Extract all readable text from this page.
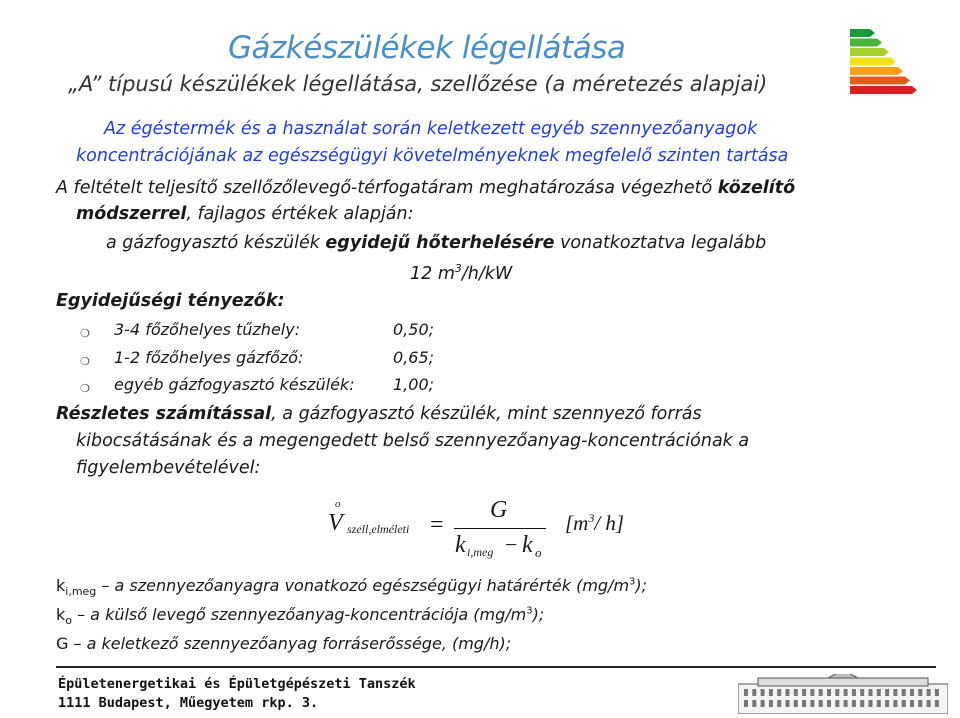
Gázkészülékek légellátása
„A” típusú készülékek légellátása, szellőzése (a méretezés alapjai)
Az égéstermék és a használat során keletkezett egyéb szennyezőanyagok
koncentrációjának az egészségügyi követelményeknek megfelelő szinten tartása
A feltételt teljesítő szellőzőlevegő-térfogatáram meghatározása végezhető közelítő
módszerrel, fajlagos értékek alapján:
a gázfogyasztó készülék egyidejű hőterhelésére vonatkoztatva legalább
12 $m^3/h/kW$
Egyidejűségi tényezők:
❍ 3-4 főzőhelyes tűzhely:	0,50;
❍ 1-2 főzőhelyes gázfőző:	0,65;
❍ egyéb gázfogyasztó készülék: 1,00;
Részletes számítással, a gázfogyasztó készülék, mint szennyező forrás
kibocsátásának és a megengedett belső szennyezőanyag-koncentrációnak a
figyelembevételével:
o
V szell,elméleti =
G
k i,meg − k o
[$m^3/$ h]
$k_{i,meg}$ – a szennyezőanyagra vonatkozó egészségügyi határérték $(mg/m^3)$;
$k_o$ – a külső levegő szennyezőanyag-koncentrációja $(mg/m^3)$;
G – a keletkező szennyezőanyag forráserőssége, (mg/h);
Épületenergetikai és Épületgépészeti Tanszék
1111 Budapest, Műegyetem rkp. 3.
